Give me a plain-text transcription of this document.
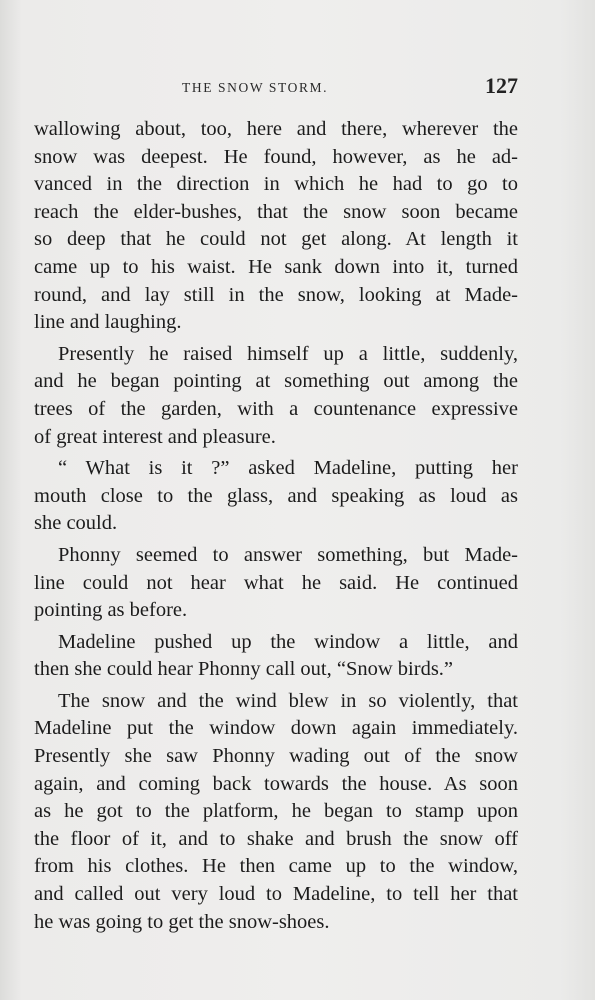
THE SNOW STORM.	127
wallowing about, too, here and there, wherever the
snow was deepest. He found, however, as he ad-
vanced in the direction in which he had to go to
reach the elder-bushes, that the snow soon became
so deep that he could not get along. At length it
came up to his waist. He sank down into it, turned
round, and lay still in the snow, looking at Made-
line and laughing.
Presently he raised himself up a little, suddenly,
and he began pointing at something out among the
trees of the garden, with a countenance expressive
of great interest and pleasure.
“ What is it ?” asked Madeline, putting her
mouth close to the glass, and speaking as loud as
she could.
Phonny seemed to answer something, but Made-
line could not hear what he said. He continued
pointing as before.
Madeline pushed up the window a little, and
then she could hear Phonny call out, “Snow birds.”
The snow and the wind blew in so violently, that
Madeline put the window down again immediately.
Presently she saw Phonny wading out of the snow
again, and coming back towards the house. As soon
as he got to the platform, he began to stamp upon
the floor of it, and to shake and brush the snow off
from his clothes. He then came up to the window,
and called out very loud to Madeline, to tell her that
he was going to get the snow-shoes.
